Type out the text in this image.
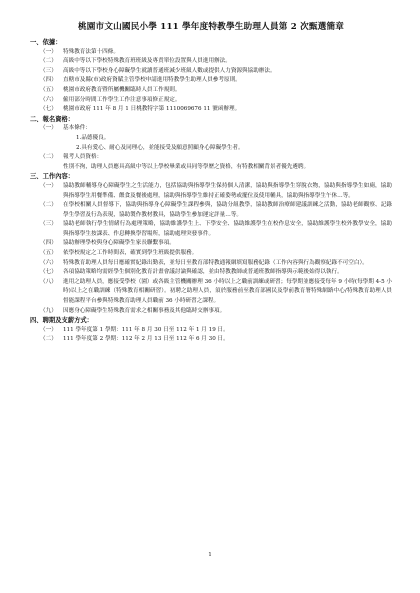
桃園市文山國民小學 111 學年度特教學生助理人員第 2 次甄選簡章
一、依據：
（一）	特殊教育法第十四條。
（二）	高級中等以下學校特殊教育班班級及專責單位設置與人員進用辦法。
（三）	高級中等以下學校身心障礙學生就讀普通班減少班級人數或提供人力資源與協助辦法。
（四）	直轄市及縣(市)政府資賦主管學校申請進用特教學生助理人員參考原則。
（五）	桃園市政府教育暨所屬機關臨時人員工作規則。
（六）	僱用部分時間工作學生工作注意事項修正規定。
（七）	桃園市政府 111 年 8 月 1 日桃教特字第 1110069676 11 號函辦理。
二、報名資格：
（一）	基本條件：
1.品德優良。
2.具有愛心、耐心及同理心，並能接受及願意照顧身心障礙學生者。
（二）	報考人員資格：
性別不拘，助理人員應具高級中等以上學校畢業或具同等學歷之資格，有特教相關背景者優先遴聘。
三、工作內容：
（一）	協助教師輔導身心障礙學生之生活能力，包括協助與指導學生保持個人清潔，協助與指導學生穿脫衣物，協助與指導學生如廁，協助與指導學生用餐準備、餵食及餐後處理，協助與指導學生維持正確姿勢或擺位及使用輔具，協助與指導學生午休…等。
（二）	在學校相關人員督導下，協助與指導身心障礙學生課程參與，協助分組教學，協助教師治療師建議訓練之活動，協助老師觀察、記錄學生學習及行為表現，協助製作教材教具，協助學生參加運定評量…等。
（三）	協助老師執行學生情緒行為處理策略，協助維護學生上、下學安全、協助維護學生在校作息安全，協助維護學生校外教學安全，協助與指導學生按課表、作息轉換學習場所，協助處理突發事件。
（四）	協助辦理學校與身心障礙學生家長聯繫事項。
（五）	依學校規定之工作時間表，確實到學生班級提供服務。
（六）	特殊教育助理人員每日應確實紀錄出勤表，並每日至教育部特教通報網填寫服務紀錄（工作內容與行為觀察紀錄不可空白）。
（七）	各項協助策略均需經學生個別化教育計畫會議討論與確認，並由特教教師或普通班教師指導與示範後始得以執行。
（八）	進用之助理人員，應接受學校（園）或各級主管機關辦理 36 小時以上之職前訓練或研習；每學期並應接受每年 9 小時(每學期 4-5 小時)以上之在職訓練（特殊教育相關研習）。初聘之助理人員，須於服務前至教育部國民及學前教育署特殊網路中心/特殊教育助理人員督能課程平台參與特殊教育助理人員職前 36 小時研習之課程。
（九）	因應身心障礙學生特殊教育需求之相關事務及其他臨時交辦事項。
四、聘期及支薪方式：
（一）	111 學年度第 1 學期：111 年 8 月 30 日至 112 年 1 月 19 日。
（二）	111 學年度第 2 學期：112 年 2 月 13 日至 112 年 6 月 30 日。
1
